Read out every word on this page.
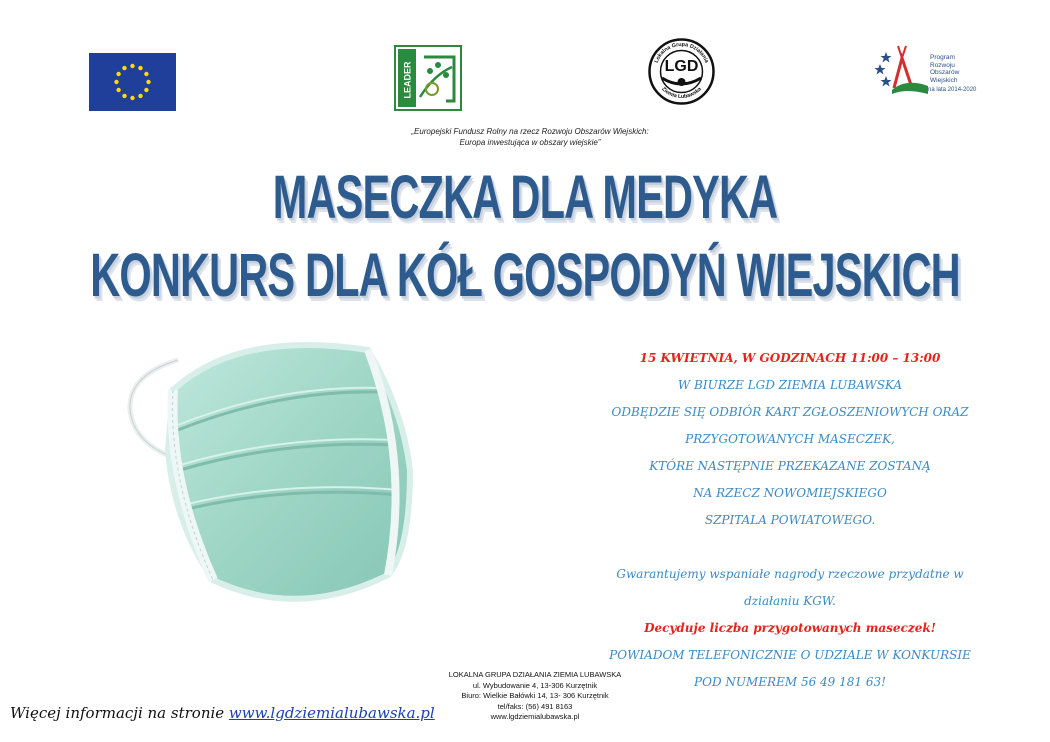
LEADER	LGD
Lokalna Grupa Działania
Ziemia Lubawska
Program
Rozwoju
Obszarów
Wiejskich
na lata 2014-2020
„Europejski Fundusz Rolny na rzecz Rozwoju Obszarów Wiejskich:
Europa inwestująca w obszary wiejskie”
MASECZKA DLA MEDYKA
KONKURS DLA KÓŁ GOSPODYŃ WIEJSKICH
15 KWIETNIA, W GODZINACH 11:00 – 13:00
W BIURZE LGD ZIEMIA LUBAWSKA
ODBĘDZIE SIĘ ODBIÓR KART ZGŁOSZENIOWYCH ORAZ
PRZYGOTOWANYCH MASECZEK,
KTÓRE NASTĘPNIE PRZEKAZANE ZOSTANĄ
NA RZECZ NOWOMIEJSKIEGO
SZPITALA POWIATOWEGO.
Gwarantujemy wspaniałe nagrody rzeczowe przydatne w
działaniu KGW.
Decyduje liczba przygotowanych maseczek!
POWIADOM TELEFONICZNIE O UDZIALE W KONKURSIE
POD NUMEREM 56 49 181 63!
LOKALNA GRUPA DZIAŁANIA ZIEMIA LUBAWSKA
ul. Wybudowanie 4, 13-306 Kurzętnik
Biuro: Wielkie Bałówki 14, 13- 306 Kurzętnik
tel/faks: (56) 491 8163
www.lgdziemialubawska.pl
Więcej informacji na stronie www.lgdziemialubawska.pl
